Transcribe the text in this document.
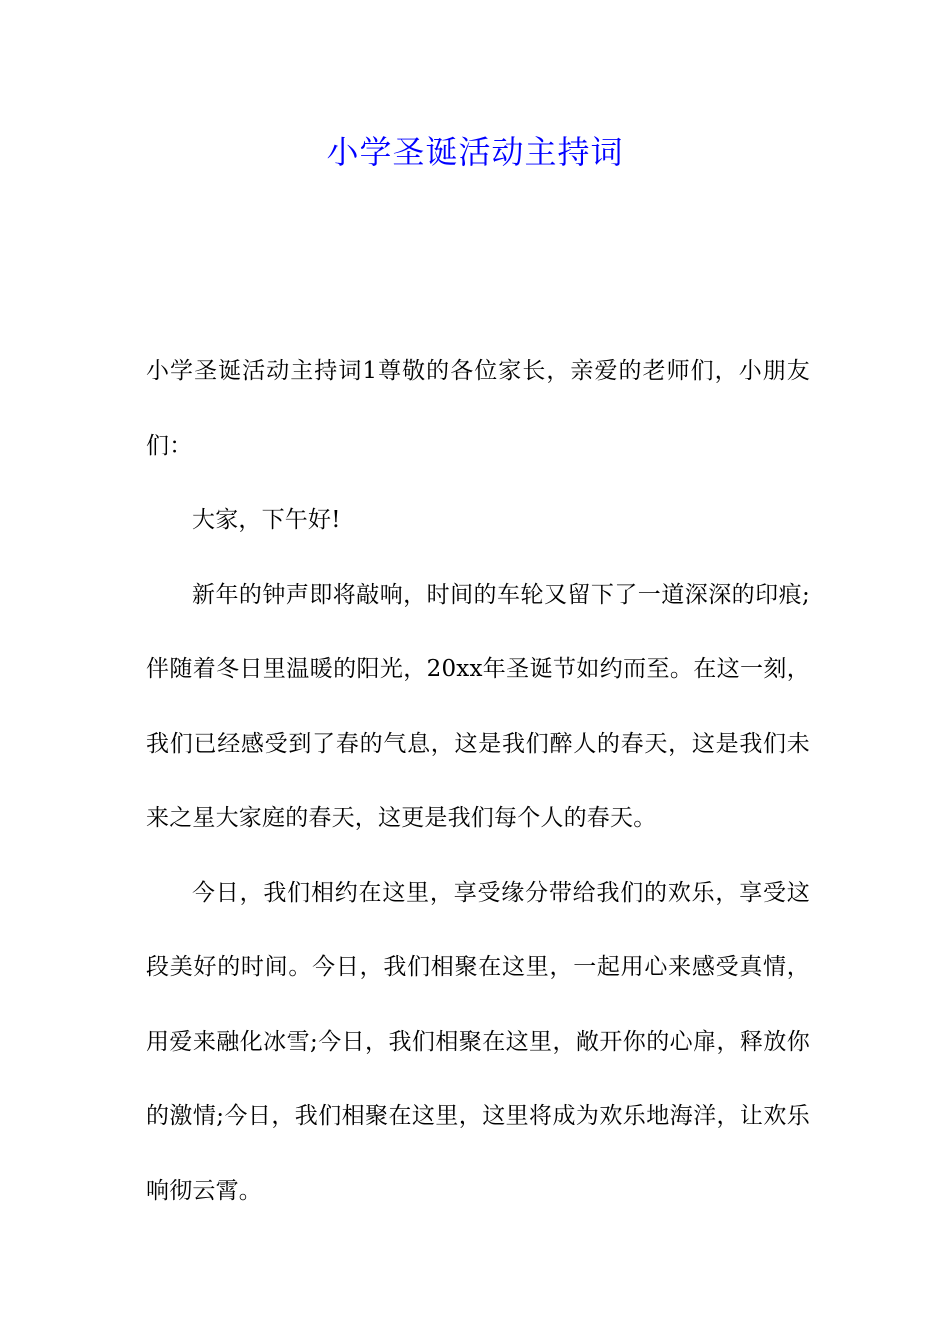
小学圣诞活动主持词

小学圣诞活动主持词1尊敬的各位家长，亲爱的老师们，小朋友们：

大家，下午好!

新年的钟声即将敲响，时间的车轮又留下了一道深深的印痕;伴随着冬日里温暖的阳光，20xx年圣诞节如约而至。在这一刻，我们已经感受到了春的气息，这是我们醉人的春天，这是我们未来之星大家庭的春天，这更是我们每个人的春天。

今日，我们相约在这里，享受缘分带给我们的欢乐，享受这段美好的时间。今日，我们相聚在这里，一起用心来感受真情，用爱来融化冰雪;今日，我们相聚在这里，敞开你的心扉，释放你的激情;今日，我们相聚在这里，这里将成为欢乐地海洋，让欢乐响彻云霄。
